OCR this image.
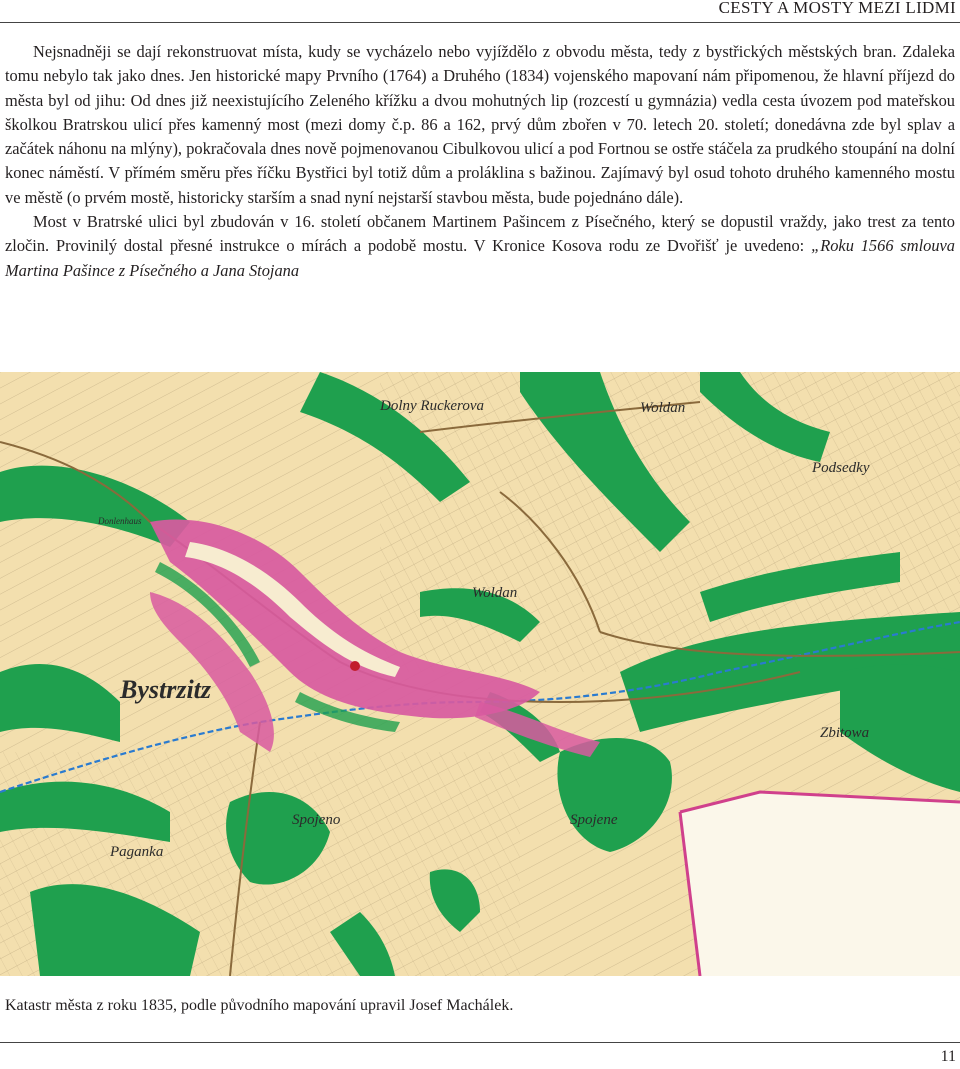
CESTY A MOSTY MEZI LIDMI

Nejsnadněji se dají rekonstruovat místa, kudy se vycházelo nebo vyjíždělo z obvodu města, tedy z bystřických městských bran. Zdaleka tomu nebylo tak jako dnes. Jen historické mapy Prvního (1764) a Druhého (1834) vojenského mapovaní nám připomenou, že hlavní příjezd do města byl od jihu: Od dnes již neexistujícího Zeleného křížku a dvou mohutných lip (rozcestí u gymnázia) vedla cesta úvozem pod mateřskou školkou Bratrskou ulicí přes kamenný most (mezi domy č.p. 86 a 162, prvý dům zbořen v 70. letech 20. století; donedávna zde byl splav a začátek náhonu na mlýny), pokračovala dnes nově pojmenovanou Cibulkovou ulicí a pod Fortnou se ostře stáčela za prudkého stoupání na dolní konec náměstí. V přímém směru přes říčku Bystřici byl totiž dům a proláklina s bažinou. Zajímavý byl osud tohoto druhého kamenného mostu ve městě (o prvém mostě, historicky starším a snad nyní nejstarší stavbou města, bude pojednáno dále).

Most v Bratrské ulici byl zbudován v 16. století občanem Martinem Pašincem z Písečného, který se dopustil vraždy, jako trest za tento zločin. Provinilý dostal přesné instrukce o mírách a podobě mostu. V Kronice Kosova rodu ze Dvořišť je uvedeno: „Roku 1566 smlouva Martina Pašince z Písečného a Jana Stojana

Dolny Ruckerova	Woldan
Podsedky
Woldan
Bystrzitz
Zbitowa
Spojeno	Spojene
Paganka
Donlenhaus
Katastr města z roku 1835, podle původního mapování upravil Josef Machálek.
11
